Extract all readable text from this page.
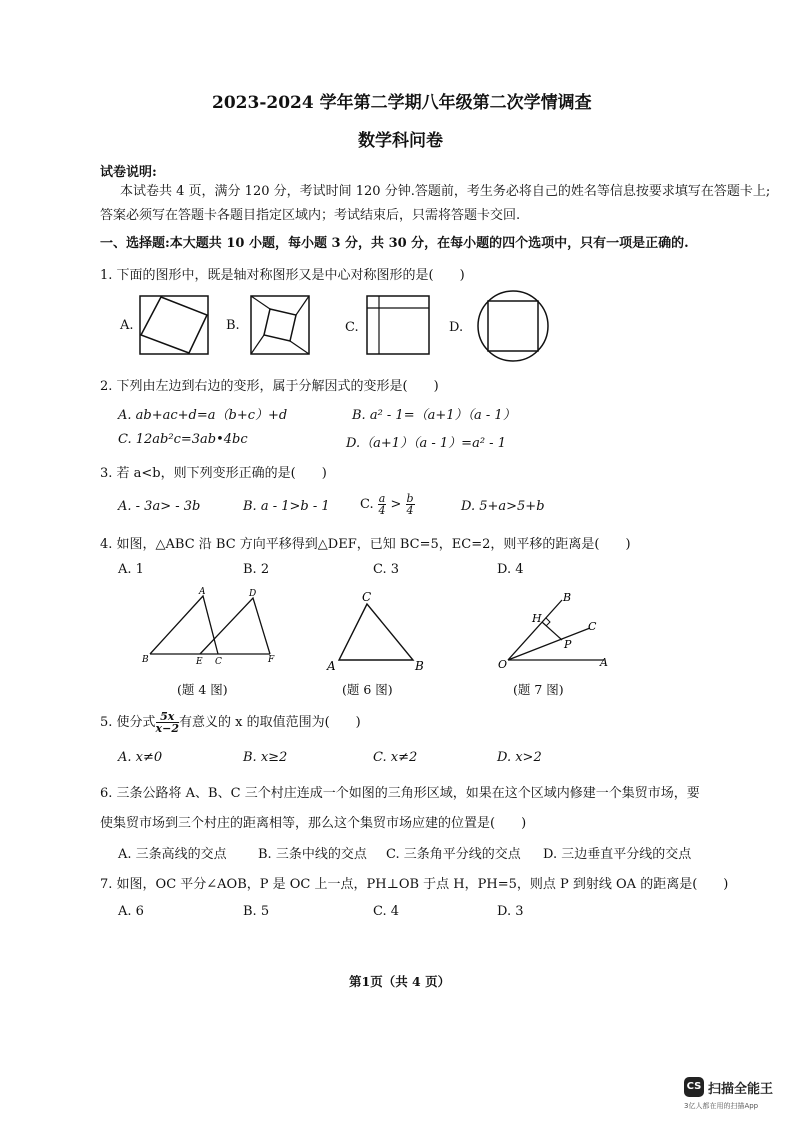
2023-2024 学年第二学期八年级第二次学情调查
数学科问卷
试卷说明:
本试卷共 4 页，满分 120 分，考试时间 120 分钟.答题前，考生务必将自己的姓名等信息按要求填写在答题卡上;
答案必须写在答题卡各题目指定区域内；考试结束后，只需将答题卡交回.
一、选择题:本大题共 10 小题，每小题 3 分，共 30 分，在每小题的四个选项中，只有一项是正确的.
1. 下面的图形中，既是轴对称图形又是中心对称图形的是(　　)
A.	B.	C.	D.
2. 下列由左边到右边的变形，属于分解因式的变形是(　　)
A. ab+ac+d=a（b+c）+d	B. a² - 1=（a+1）（a - 1）
C. 12ab²c=3ab•4bc	D.（a+1）（a - 1）=a² - 1
3. 若 a<b，则下列变形正确的是(　　)
A. - 3a> - 3b	B. a - 1>b - 1 C. $\frac{a}{4} > \frac{b}{4}$	D. 5+a>5+b
4. 如图，△ABC 沿 BC 方向平移得到△DEF，已知 BC=5，EC=2，则平移的距离是(　　)
A. 1	B. 2	C. 3	D. 4
A	D
B	E C	F
(题 4 图)
C
A	B
(题 6 图)
B
H
C
P
O	A
(题 7 图)
5. 使分式 $\frac{5x}{x-2}$ 有意义的 x 的取值范围为(　　)
A. x≠0	B. x≥2	C. x≠2	D. x>2
6. 三条公路将 A、B、C 三个村庄连成一个如图的三角形区域，如果在这个区域内修建一个集贸市场，要
使集贸市场到三个村庄的距离相等，那么这个集贸市场应建的位置是(　　)
A. 三条高线的交点 B. 三条中线的交点 C. 三条角平分线的交点 D. 三边垂直平分线的交点
7. 如图，OC 平分∠AOB，P 是 OC 上一点，PH⊥OB 于点 H，PH=5，则点 P 到射线 OA 的距离是(　　)
A. 6	B. 5	C. 4	D. 3
第1页（共 4 页）
CS 扫描全能王
3亿人都在用的扫描App
